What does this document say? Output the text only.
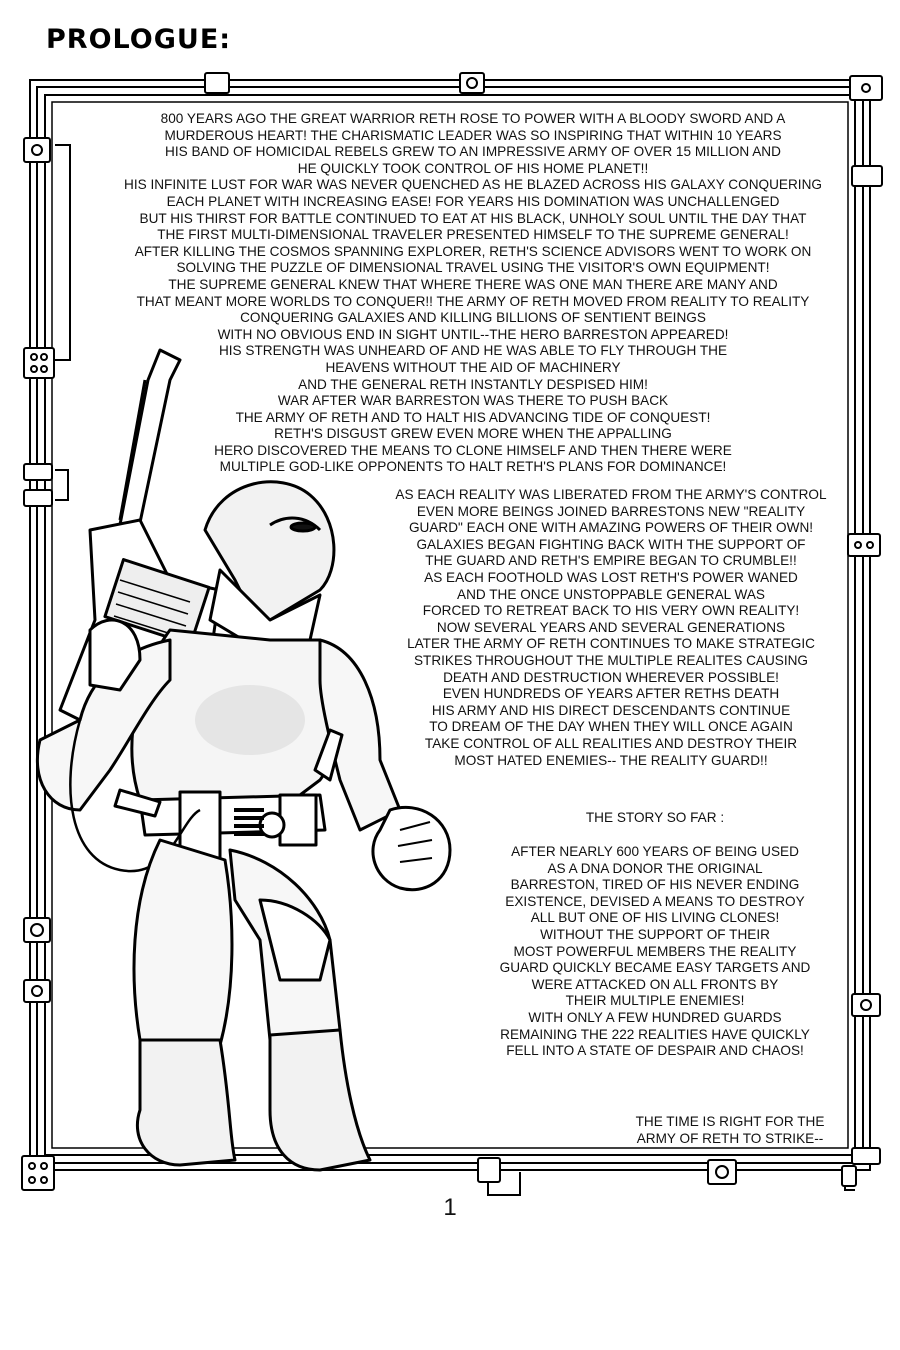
PROLOGUE:
800 YEARS AGO THE GREAT WARRIOR RETH ROSE TO POWER WITH A BLOODY SWORD AND A
MURDEROUS HEART! THE CHARISMATIC LEADER WAS SO INSPIRING THAT WITHIN 10 YEARS
HIS BAND OF HOMICIDAL REBELS GREW TO AN IMPRESSIVE ARMY OF OVER 15 MILLION AND
HE QUICKLY TOOK CONTROL OF HIS HOME PLANET!!
HIS INFINITE LUST FOR WAR WAS NEVER QUENCHED AS HE BLAZED ACROSS HIS GALAXY CONQUERING
EACH PLANET WITH INCREASING EASE! FOR YEARS HIS DOMINATION WAS UNCHALLENGED
BUT HIS THIRST FOR BATTLE CONTINUED TO EAT AT HIS BLACK, UNHOLY SOUL UNTIL THE DAY THAT
THE FIRST MULTI-DIMENSIONAL TRAVELER PRESENTED HIMSELF TO THE SUPREME GENERAL!
AFTER KILLING THE COSMOS SPANNING EXPLORER, RETH'S SCIENCE ADVISORS WENT TO WORK ON
SOLVING THE PUZZLE OF DIMENSIONAL TRAVEL USING THE VISITOR'S OWN EQUIPMENT!
THE SUPREME GENERAL KNEW THAT WHERE THERE WAS ONE MAN THERE ARE MANY AND
THAT MEANT MORE WORLDS TO CONQUER!! THE ARMY OF RETH MOVED FROM REALITY TO REALITY
CONQUERING GALAXIES AND KILLING BILLIONS OF SENTIENT BEINGS
WITH NO OBVIOUS END IN SIGHT UNTIL--THE HERO BARRESTON APPEARED!
HIS STRENGTH WAS UNHEARD OF AND HE WAS ABLE TO FLY THROUGH THE
HEAVENS WITHOUT THE AID OF MACHINERY
AND THE GENERAL RETH INSTANTLY DESPISED HIM!
WAR AFTER WAR BARRESTON WAS THERE TO PUSH BACK
THE ARMY OF RETH AND TO HALT HIS ADVANCING TIDE OF CONQUEST!
RETH'S DISGUST GREW EVEN MORE WHEN THE APPALLING
HERO DISCOVERED THE MEANS TO CLONE HIMSELF AND THEN THERE WERE
MULTIPLE GOD-LIKE OPPONENTS TO HALT RETH'S PLANS FOR DOMINANCE!
AS EACH REALITY WAS LIBERATED FROM THE ARMY'S CONTROL
EVEN MORE BEINGS JOINED BARRESTONS NEW "REALITY
GUARD" EACH ONE WITH AMAZING POWERS OF THEIR OWN!
GALAXIES BEGAN FIGHTING BACK WITH THE SUPPORT OF
THE GUARD AND RETH'S EMPIRE BEGAN TO CRUMBLE!!
AS EACH FOOTHOLD WAS LOST RETH'S POWER WANED
AND THE ONCE UNSTOPPABLE GENERAL WAS
FORCED TO RETREAT BACK TO HIS VERY OWN REALITY!
NOW SEVERAL YEARS AND SEVERAL GENERATIONS
LATER THE ARMY OF RETH CONTINUES TO MAKE STRATEGIC
STRIKES THROUGHOUT THE MULTIPLE REALITES CAUSING
DEATH AND DESTRUCTION WHEREVER POSSIBLE!
EVEN HUNDREDS OF YEARS AFTER RETHS DEATH
HIS ARMY AND HIS DIRECT DESCENDANTS CONTINUE
TO DREAM OF THE DAY WHEN THEY WILL ONCE AGAIN
TAKE CONTROL OF ALL REALITIES AND DESTROY THEIR
MOST HATED ENEMIES-- THE REALITY GUARD!!
THE STORY SO FAR :
AFTER NEARLY 600 YEARS OF BEING USED
AS A DNA DONOR THE ORIGINAL
BARRESTON, TIRED OF HIS NEVER ENDING
EXISTENCE, DEVISED A MEANS TO DESTROY
ALL BUT ONE OF HIS LIVING CLONES!
WITHOUT THE SUPPORT OF THEIR
MOST POWERFUL MEMBERS THE REALITY
GUARD QUICKLY BECAME EASY TARGETS AND
WERE ATTACKED ON ALL FRONTS BY
THEIR MULTIPLE ENEMIES!
WITH ONLY A FEW HUNDRED GUARDS
REMAINING THE 222 REALITIES HAVE QUICKLY
FELL INTO A STATE OF DESPAIR AND CHAOS!
THE TIME IS RIGHT FOR THE
ARMY OF RETH TO STRIKE--
1
